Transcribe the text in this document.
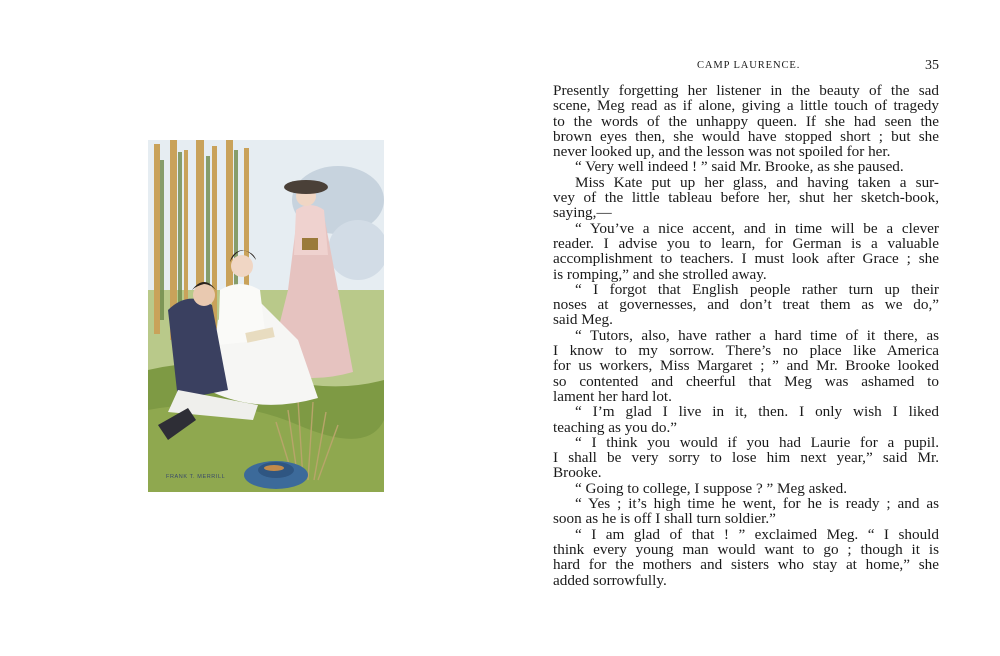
FRANK T. MERRILL
CAMP LAURENCE.	35
Presently forgetting her listener in the beauty of the sad
scene, Meg read as if alone, giving a little touch of tragedy
to the words of the unhappy queen. If she had seen the
brown eyes then, she would have stopped short ; but she
never looked up, and the lesson was not spoiled for her.
“ Very well indeed ! ” said Mr. Brooke, as she paused.
Miss Kate put up her glass, and having taken a sur-
vey of the little tableau before her, shut her sketch-book,
saying,—
“ You’ve a nice accent, and in time will be a clever
reader. I advise you to learn, for German is a valuable
accomplishment to teachers. I must look after Grace ; she
is romping,” and she strolled away.
“ I forgot that English people rather turn up their
noses at governesses, and don’t treat them as we do,”
said Meg.
“ Tutors, also, have rather a hard time of it there, as
I know to my sorrow. There’s no place like America
for us workers, Miss Margaret ; ” and Mr. Brooke looked
so contented and cheerful that Meg was ashamed to
lament her hard lot.
“ I’m glad I live in it, then. I only wish I liked
teaching as you do.”
“ I think you would if you had Laurie for a pupil.
I shall be very sorry to lose him next year,” said Mr.
Brooke.
“ Going to college, I suppose ? ” Meg asked.
“ Yes ; it’s high time he went, for he is ready ; and as
soon as he is off I shall turn soldier.”
“ I am glad of that ! ” exclaimed Meg. “ I should
think every young man would want to go ; though it is
hard for the mothers and sisters who stay at home,” she
added sorrowfully.
